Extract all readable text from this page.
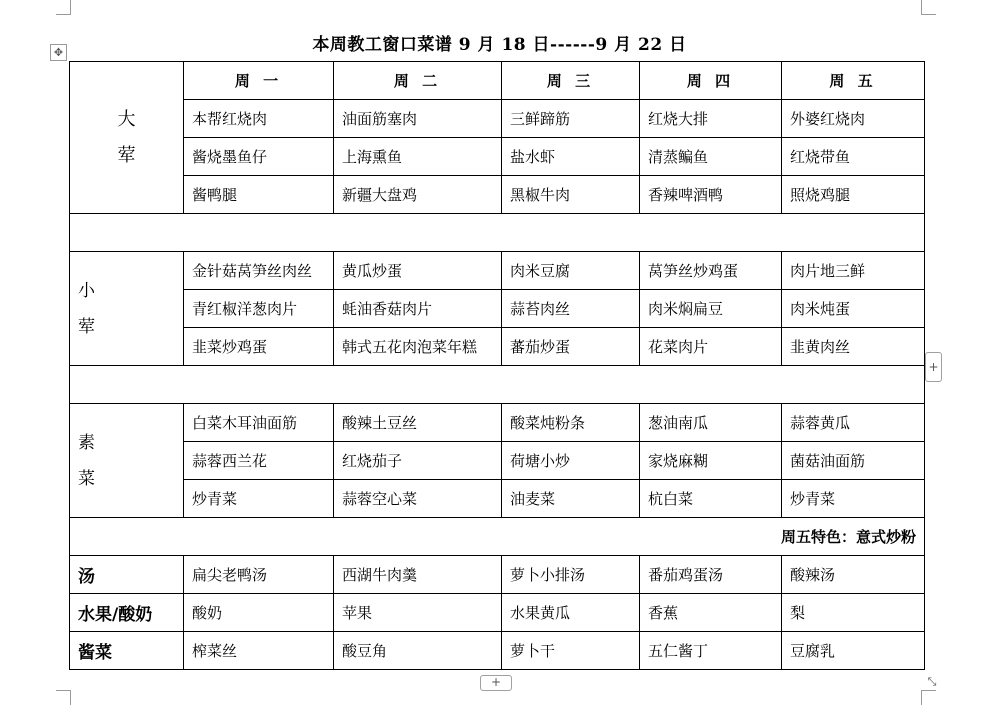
✥	本周教工窗口菜谱 9 月 18 日------9 月 22 日
大
荤	周 一	周 二	周 三	周 四	周 五
	本帮红烧肉	油面筋塞肉	三鲜蹄筋	红烧大排	外婆红烧肉
	酱烧墨鱼仔	上海熏鱼	盐水虾	清蒸鳊鱼	红烧带鱼
	酱鸭腿	新疆大盘鸡	黑椒牛肉	香辣啤酒鸭	照烧鸡腿

小
荤	金针菇莴笋丝肉丝	黄瓜炒蛋	肉米豆腐	莴笋丝炒鸡蛋	肉片地三鲜
	青红椒洋葱肉片	蚝油香菇肉片	蒜苔肉丝	肉米焖扁豆	肉米炖蛋
	韭菜炒鸡蛋	韩式五花肉泡菜年糕	蕃茄炒蛋	花菜肉片	韭黄肉丝

素
菜	白菜木耳油面筋	酸辣土豆丝	酸菜炖粉条	葱油南瓜	蒜蓉黄瓜
	蒜蓉西兰花	红烧茄子	荷塘小炒	家烧麻糊	菌菇油面筋
	炒青菜	蒜蓉空心菜	油麦菜	杭白菜	炒青菜
周五特色：意式炒粉					
汤	扁尖老鸭汤	西湖牛肉羹	萝卜小排汤	番茄鸡蛋汤	酸辣汤
水果/酸奶	酸奶	苹果	水果黄瓜	香蕉	梨
酱菜	榨菜丝	酸豆角	萝卜干	五仁酱丁	豆腐乳
+
+	⤡
